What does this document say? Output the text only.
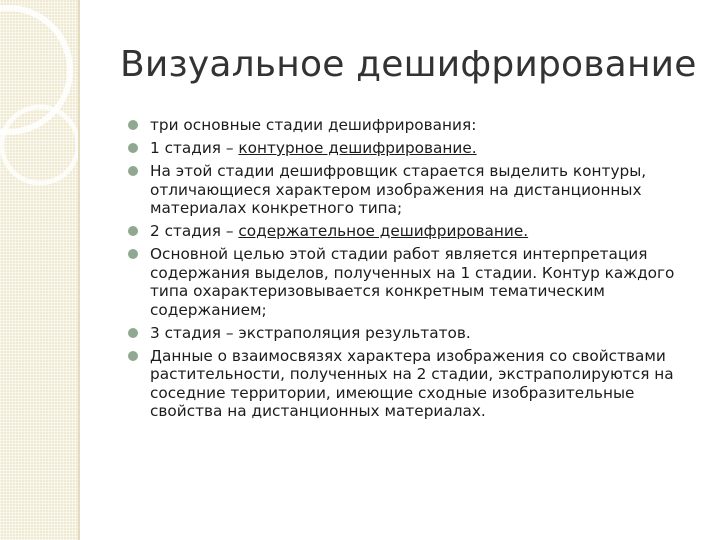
Визуальное дешифрирование
три основные стадии дешифрирования:
1 стадия – контурное дешифрирование.
На этой стадии дешифровщик старается выделить контуры, отличающиеся характером изображения на дистанционных материалах конкретного типа;
2 стадия – содержательное дешифрирование.
Основной целью этой стадии работ является интерпретация содержания выделов, полученных на 1 стадии. Контур каждого типа охарактеризовывается конкретным тематическим содержанием;
3 стадия – экстраполяция результатов.
Данные о взаимосвязях характера изображения со свойствами растительности, полученных на 2 стадии, экстраполируются на соседние территории, имеющие сходные изобразительные свойства на дистанционных материалах.
